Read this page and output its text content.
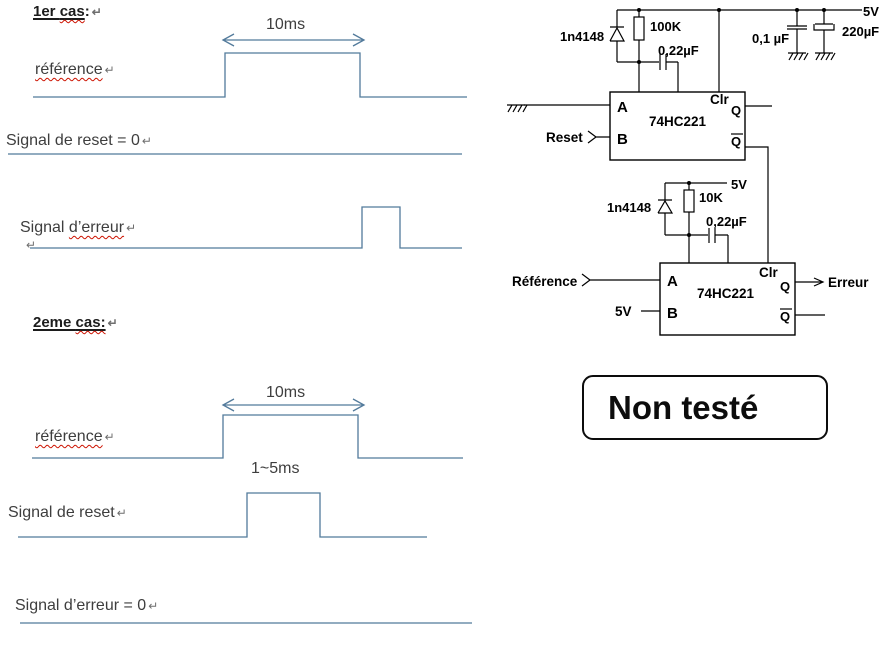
5V
1n4148
100K
0,22µF
0,1 µF	220µF
A
B
74HC221
Clr
Q
Q
Reset
5V
1n4148
10K
0,22µF
A
B
74HC221
Clr
Q
Q
Référence
5V
Erreur
1er cas: ↵
10ms
référence ↵
Signal de reset = 0 ↵
Signal d’erreur ↵
↵
2eme cas: ↵
10ms
référence ↵
1~5ms
Signal de reset ↵
Signal d’erreur = 0 ↵
Non testé
